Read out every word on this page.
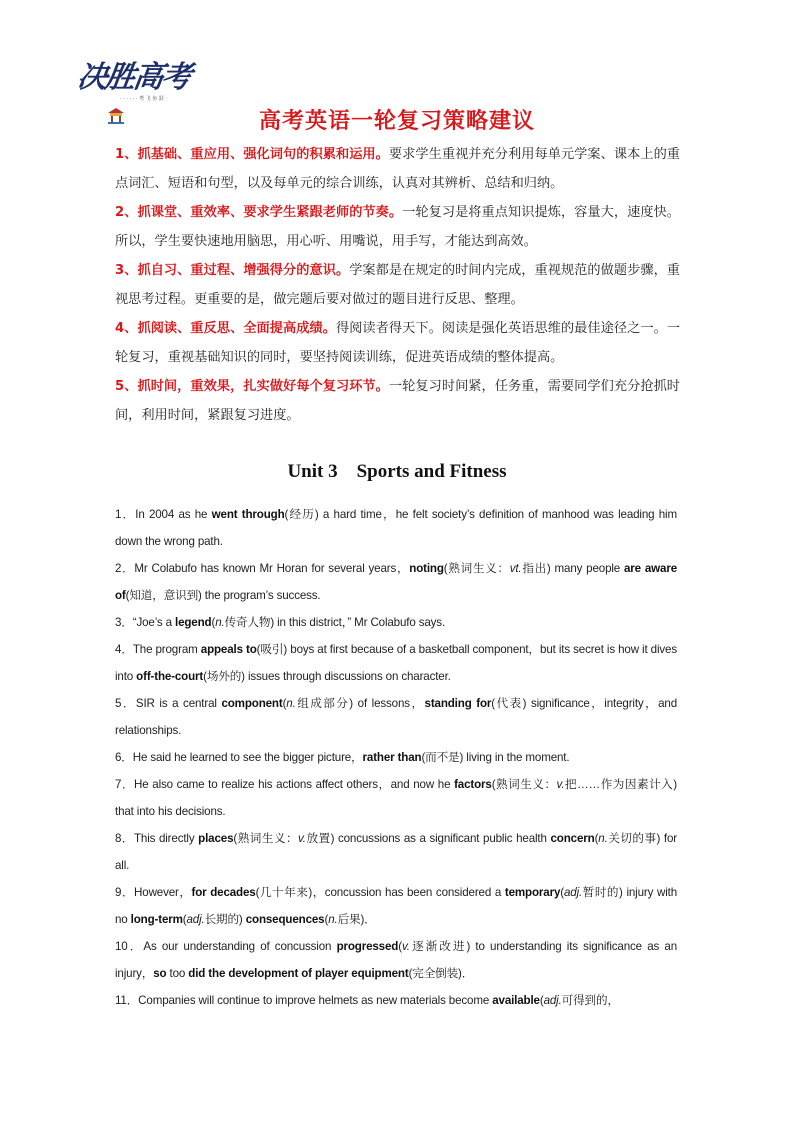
决胜高考
· · · · · · 鸢 飞 鱼 跃 ·
高考英语一轮复习策略建议
1、抓基础、重应用、强化词句的积累和运用。要求学生重视并充分利用每单元学案、课本上的重点词汇、短语和句型，以及每单元的综合训练，认真对其辨析、总结和归纳。
2、抓课堂、重效率、要求学生紧跟老师的节奏。一轮复习是将重点知识提炼，容量大，速度快。所以，学生要快速地用脑思，用心听、用嘴说，用手写，才能达到高效。
3、抓自习、重过程、增强得分的意识。学案都是在规定的时间内完成，重视规范的做题步骤，重视思考过程。更重要的是，做完题后要对做过的题目进行反思、整理。
4、抓阅读、重反思、全面提高成绩。得阅读者得天下。阅读是强化英语思维的最佳途径之一。一轮复习，重视基础知识的同时，要坚持阅读训练，促进英语成绩的整体提高。
5、抓时间，重效果，扎实做好每个复习环节。一轮复习时间紧，任务重，需要同学们充分抢抓时间，利用时间，紧跟复习进度。
Unit 3　Sports and Fitness
1．In 2004 as he went through(经历) a hard time，he felt society’s definition of manhood was leading him down the wrong path.
2．Mr Colabufo has known Mr Horan for several years，noting(熟词生义：vt.指出) many people are aware of(知道，意识到) the program’s success.
3．“Joe’s a legend(n.传奇人物) in this district，” Mr Colabufo says.
4．The program appeals to(吸引) boys at first because of a basketball component，but its secret is how it dives into off-the-court(场外的) issues through discussions on character.
5．SIR is a central component(n.组成部分) of lessons，standing for(代表) significance，integrity，and relationships.
6．He said he learned to see the bigger picture，rather than(而不是) living in the moment.
7．He also came to realize his actions affect others，and now he factors(熟词生义：v.把……作为因素计入) that into his decisions.
8．This directly places(熟词生义：v.放置) concussions as a significant public health concern(n.关切的事) for all.
9．However，for decades(几十年来)，concussion has been considered a temporary(adj.暂时的) injury with no long-term(adj.长期的) consequences(n.后果)．
10．As our understanding of concussion progressed(v.逐渐改进) to understanding its significance as an injury，so too did the development of player equipment(完全倒装)．
11．Companies will continue to improve helmets as new materials become available(adj.可得到的，
